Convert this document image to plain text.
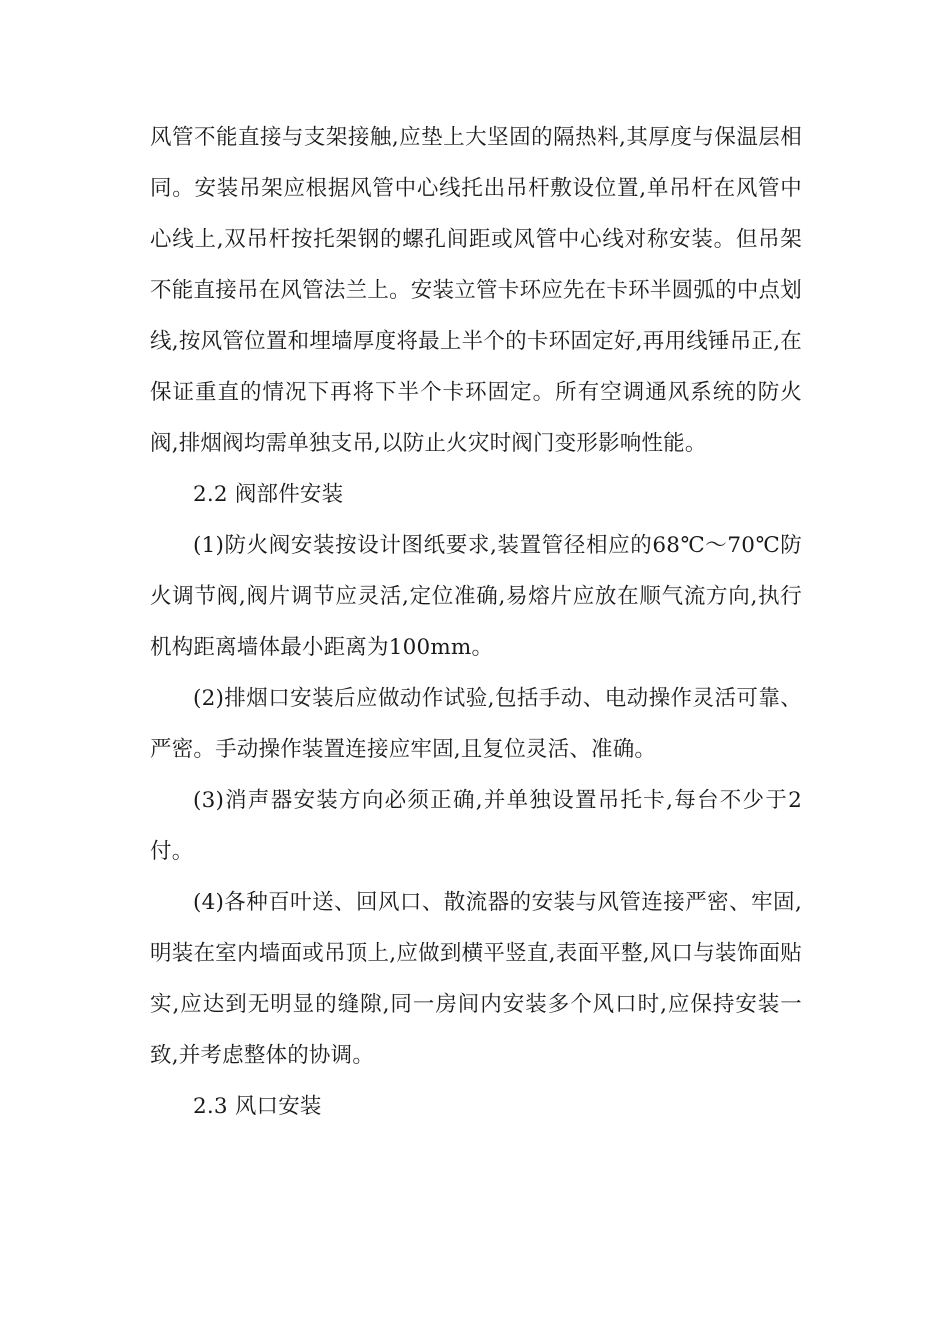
风管不能直接与支架接触,应垫上大坚固的隔热料,其厚度与保温层相同。安装吊架应根据风管中心线托出吊杆敷设位置,单吊杆在风管中心线上,双吊杆按托架钢的螺孔间距或风管中心线对称安装。但吊架不能直接吊在风管法兰上。安装立管卡环应先在卡环半圆弧的中点划线,按风管位置和埋墙厚度将最上半个的卡环固定好,再用线锤吊正,在保证重直的情况下再将下半个卡环固定。所有空调通风系统的防火阀,排烟阀均需单独支吊,以防止火灾时阀门变形影响性能。

2.2 阀部件安装

(1)防火阀安装按设计图纸要求,装置管径相应的68℃～70℃防火调节阀,阀片调节应灵活,定位准确,易熔片应放在顺气流方向,执行机构距离墙体最小距离为100mm。

(2)排烟口安装后应做动作试验,包括手动、电动操作灵活可靠、严密。手动操作装置连接应牢固,且复位灵活、准确。

(3)消声器安装方向必须正确,并单独设置吊托卡,每台不少于2付。

(4)各种百叶送、回风口、散流器的安装与风管连接严密、牢固,明装在室内墙面或吊顶上,应做到横平竖直,表面平整,风口与装饰面贴实,应达到无明显的缝隙,同一房间内安装多个风口时,应保持安装一致,并考虑整体的协调。

2.3 风口安装
